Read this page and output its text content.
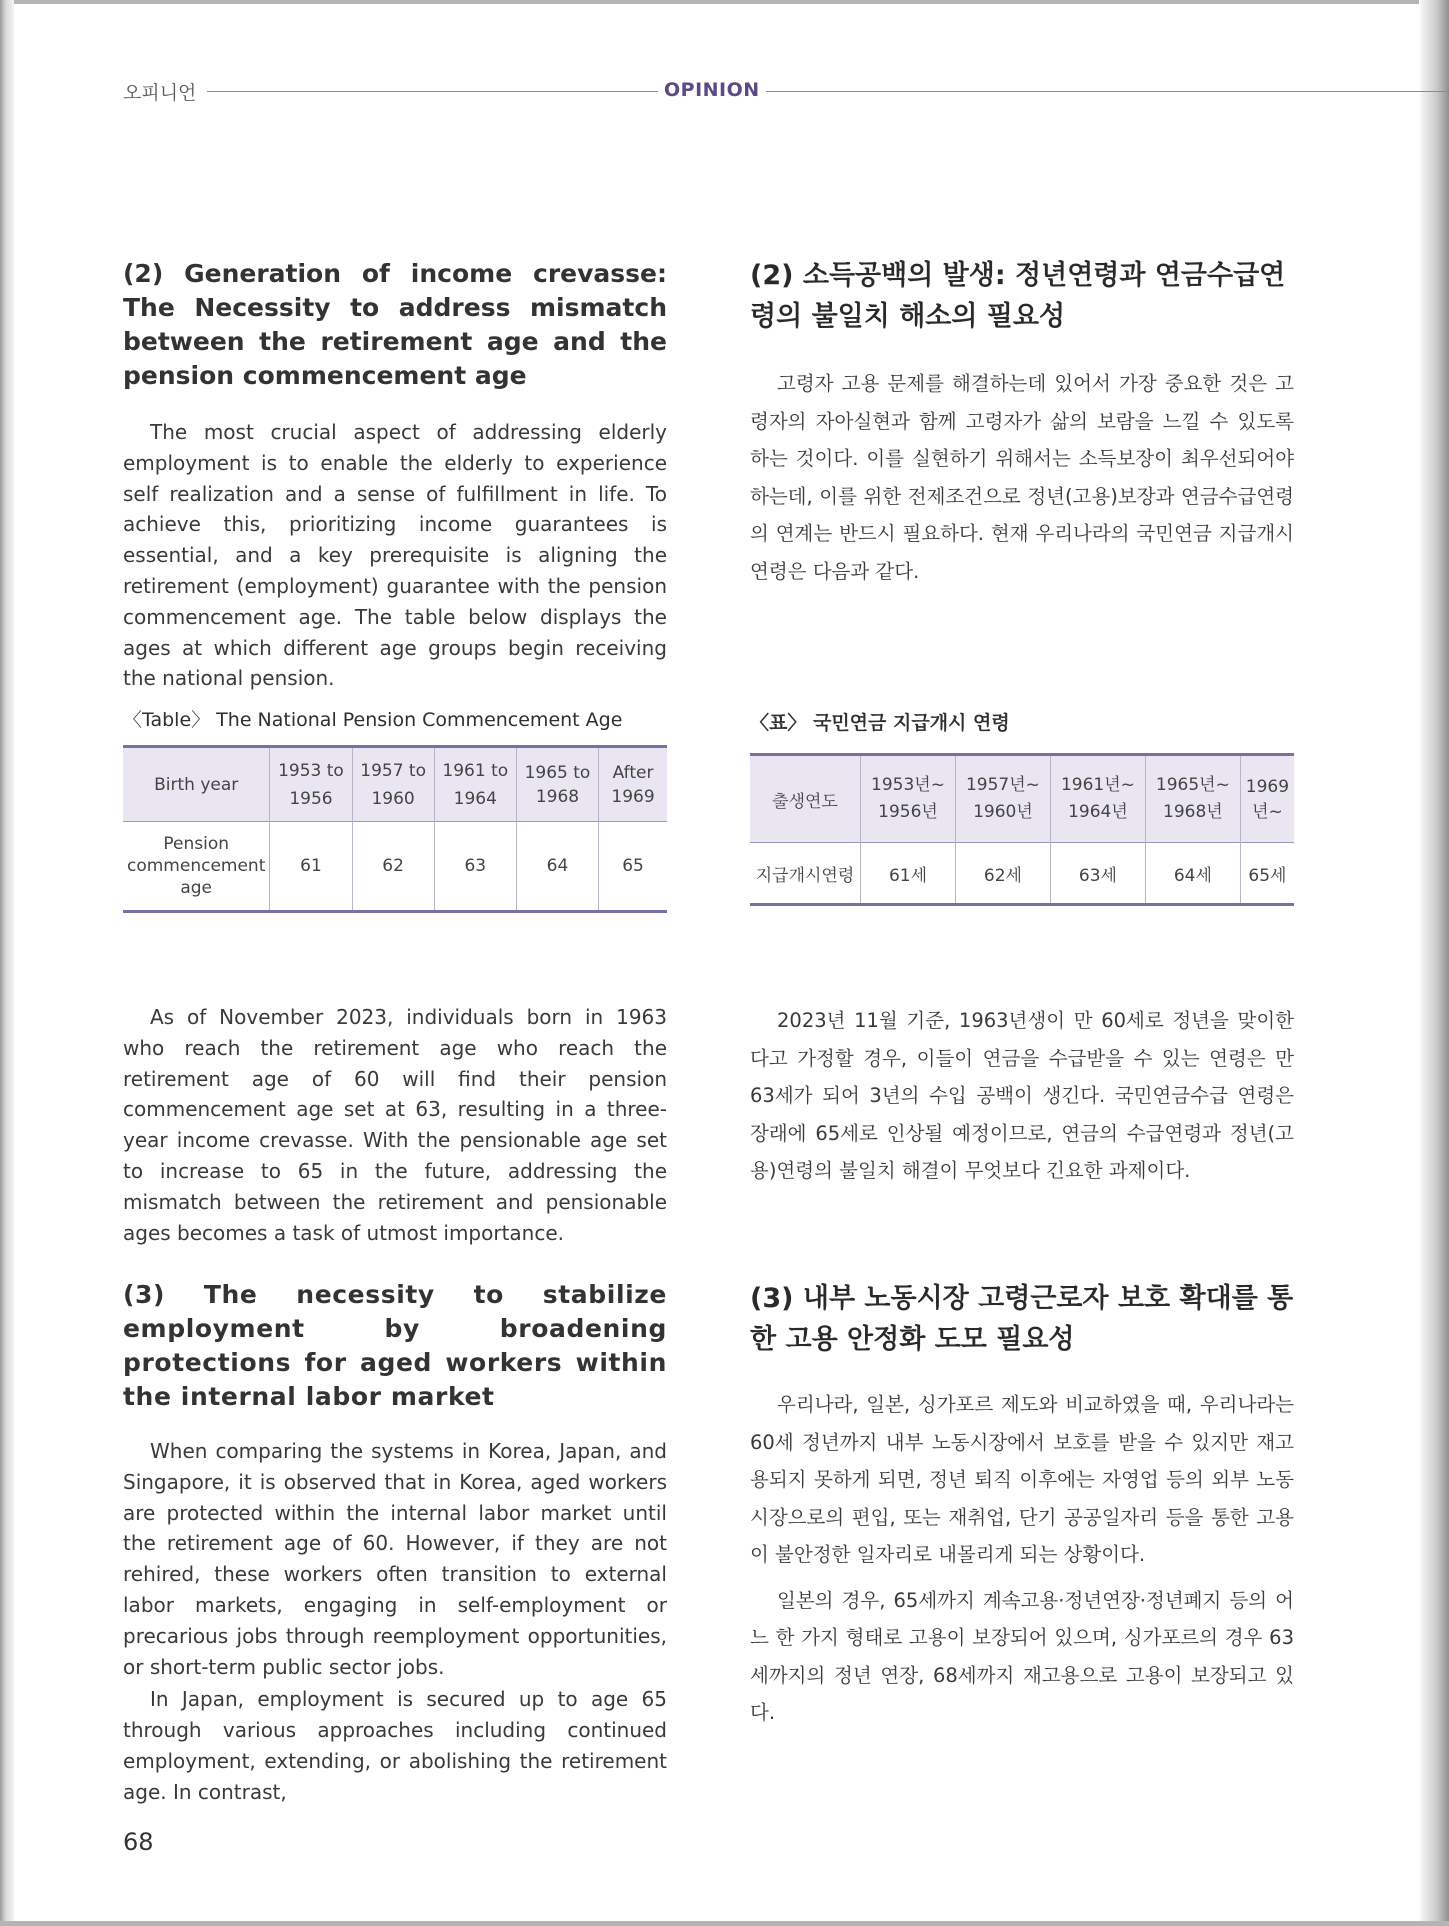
오피니언	OPINION
(2) Generation of income crevasse: The Necessity to address mismatch between the retirement age and the pension commencement age

The most crucial aspect of addressing elderly employment is to enable the elderly to experience self realization and a sense of fulfillment in life. To achieve this, prioritizing income guarantees is essential, and a key prerequisite is aligning the retirement (employment) guarantee with the pension commencement age. The table below displays the ages at which different age groups begin receiving the national pension.

〈Table〉 The National Pension Commencement Age

Birth year	1953 to 1956	1957 to 1960	1961 to 1964	1965 to 1968	After 1969
Pension commencement age	61	62	63	64	65

As of November 2023, individuals born in 1963 who reach the retirement age who reach the retirement age of 60 will find their pension commencement age set at 63, resulting in a three-year income crevasse. With the pensionable age set to increase to 65 in the future, addressing the mismatch between the retirement and pensionable ages becomes a task of utmost importance.

(3) The necessity to stabilize employment by broadening protections for aged workers within the internal labor market

When comparing the systems in Korea, Japan, and Singapore, it is observed that in Korea, aged workers are protected within the internal labor market until the retirement age of 60. However, if they are not rehired, these workers often transition to external labor markets, engaging in self-employment or precarious jobs through reemployment opportunities, or short-term public sector jobs.

In Japan, employment is secured up to age 65 through various approaches including continued employment, extending, or abolishing the retirement age. In contrast,

(2) 소득공백의 발생: 정년연령과 연금수급연령의 불일치 해소의 필요성

고령자 고용 문제를 해결하는데 있어서 가장 중요한 것은 고령자의 자아실현과 함께 고령자가 삶의 보람을 느낄 수 있도록 하는 것이다. 이를 실현하기 위해서는 소득보장이 최우선되어야 하는데, 이를 위한 전제조건으로 정년(고용)보장과 연금수급연령의 연계는 반드시 필요하다. 현재 우리나라의 국민연금 지급개시 연령은 다음과 같다.

〈표〉 국민연금 지급개시 연령

출생연도	1953년~ 1956년	1957년~ 1960년	1961년~ 1964년	1965년~ 1968년	1969년~
지급개시연령	61세	62세	63세	64세	65세

2023년 11월 기준, 1963년생이 만 60세로 정년을 맞이한다고 가정할 경우, 이들이 연금을 수급받을 수 있는 연령은 만 63세가 되어 3년의 수입 공백이 생긴다. 국민연금수급 연령은 장래에 65세로 인상될 예정이므로, 연금의 수급연령과 정년(고용)연령의 불일치 해결이 무엇보다 긴요한 과제이다.

(3) 내부 노동시장 고령근로자 보호 확대를 통한 고용 안정화 도모 필요성

우리나라, 일본, 싱가포르 제도와 비교하였을 때, 우리나라는 60세 정년까지 내부 노동시장에서 보호를 받을 수 있지만 재고용되지 못하게 되면, 정년 퇴직 이후에는 자영업 등의 외부 노동시장으로의 편입, 또는 재취업, 단기 공공일자리 등을 통한 고용이 불안정한 일자리로 내몰리게 되는 상황이다.

일본의 경우, 65세까지 계속고용·정년연장·정년폐지 등의 어느 한 가지 형태로 고용이 보장되어 있으며, 싱가포르의 경우 63세까지의 정년 연장, 68세까지 재고용으로 고용이 보장되고 있다.

68
